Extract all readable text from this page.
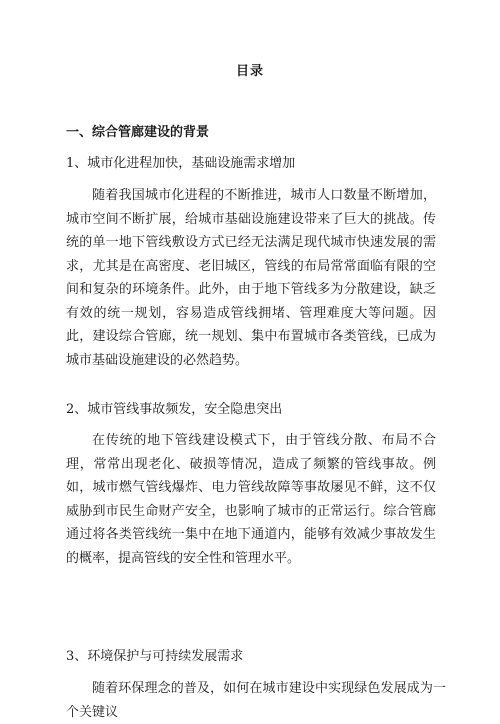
目录
一、综合管廊建设的背景
1、城市化进程加快，基础设施需求增加

随着我国城市化进程的不断推进，城市人口数量不断增加，城市空间不断扩展，给城市基础设施建设带来了巨大的挑战。传统的单一地下管线敷设方式已经无法满足现代城市快速发展的需求，尤其是在高密度、老旧城区，管线的布局常常面临有限的空间和复杂的环境条件。此外，由于地下管线多为分散建设，缺乏有效的统一规划，容易造成管线拥堵、管理难度大等问题。因此，建设综合管廊，统一规划、集中布置城市各类管线，已成为城市基础设施建设的必然趋势。

2、城市管线事故频发，安全隐患突出

在传统的地下管线建设模式下，由于管线分散、布局不合理，常常出现老化、破损等情况，造成了频繁的管线事故。例如，城市燃气管线爆炸、电力管线故障等事故屡见不鲜，这不仅威胁到市民生命财产安全，也影响了城市的正常运行。综合管廊通过将各类管线统一集中在地下通道内，能够有效减少事故发生的概率，提高管线的安全性和管理水平。

3、环境保护与可持续发展需求

随着环保理念的普及，如何在城市建设中实现绿色发展成为一个关键议
